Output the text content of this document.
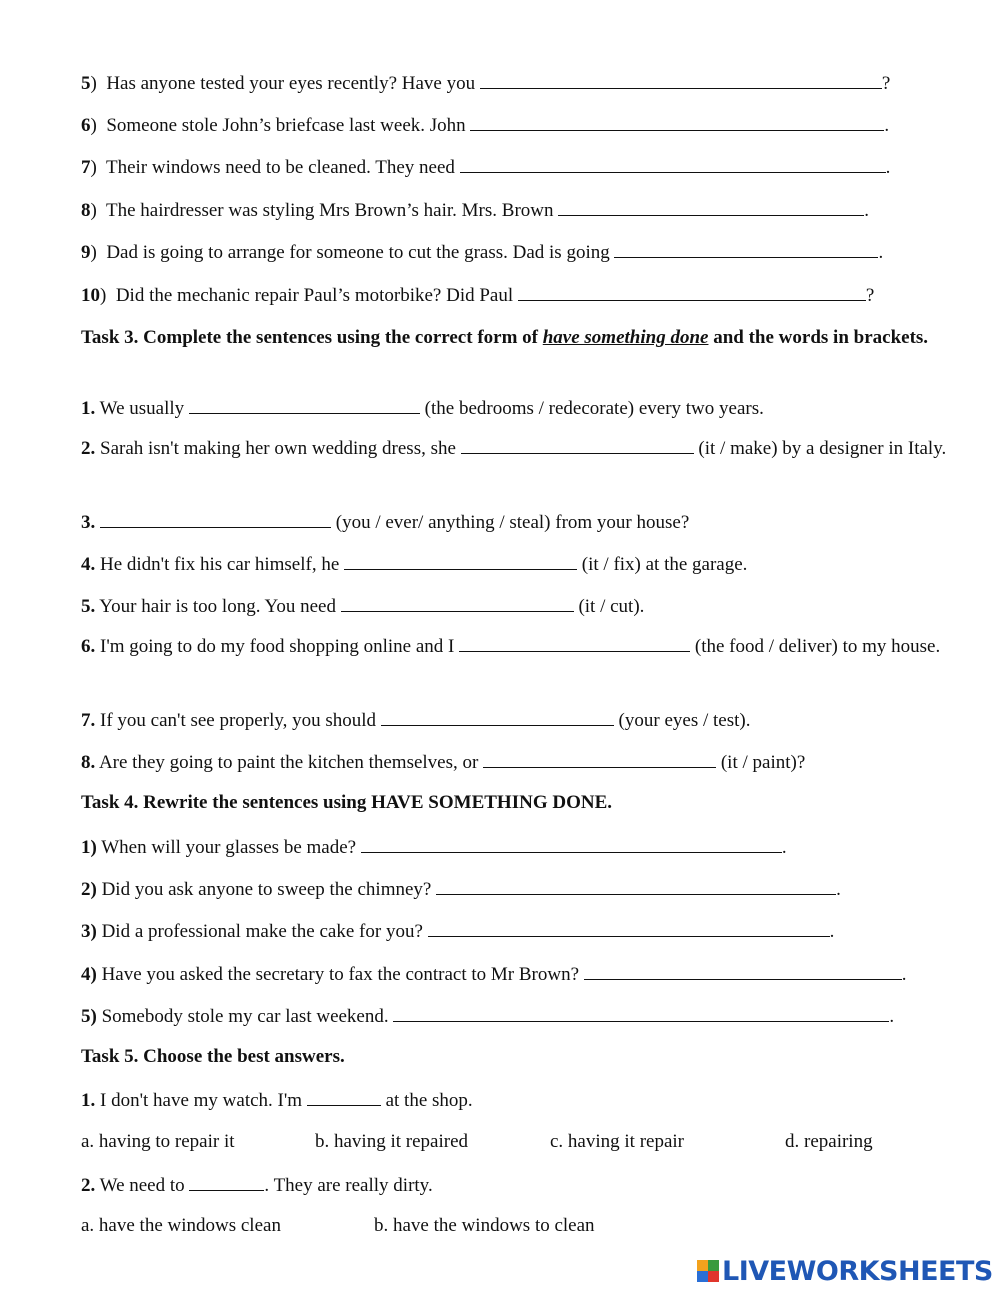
5)  Has anyone tested your eyes recently? Have you	?
6)  Someone stole John’s briefcase last week. John	.
7)  Their windows need to be cleaned. They need	.
8)  The hairdresser was styling Mrs Brown’s hair. Mrs. Brown	.
9)  Dad is going to arrange for someone to cut the grass. Dad is going	.
10)  Did the mechanic repair Paul’s motorbike? Did Paul	?
Task 3. Complete the sentences using the correct form of have something done and the words in brackets.
1. We usually	(the bedrooms / redecorate) every two years.
2. Sarah isn't making her own wedding dress, she	(it / make) by a designer in Italy.
3.	(you / ever/ anything / steal) from your house?
4. He didn't fix his car himself, he	(it / fix) at the garage.
5. Your hair is too long. You need	(it / cut).
6. I'm going to do my food shopping online and I	(the food / deliver) to my house.
7. If you can't see properly, you should	(your eyes / test).
8. Are they going to paint the kitchen themselves, or	(it / paint)?
Task 4. Rewrite the sentences using HAVE SOMETHING DONE.
1) When will your glasses be made?	.
2) Did you ask anyone to sweep the chimney?	.
3) Did a professional make the cake for you?	.
4) Have you asked the secretary to fax the contract to Mr Brown?	.
5) Somebody stole my car last weekend.	.
Task 5. Choose the best answers.
1. I don't have my watch. I'm	at the shop.
a. having to repair it	b. having it repaired	c. having it repair	d. repairing
2. We need to	. They are really dirty.
a. have the windows clean	b. have the windows to clean
LIVEWORKSHEETS
